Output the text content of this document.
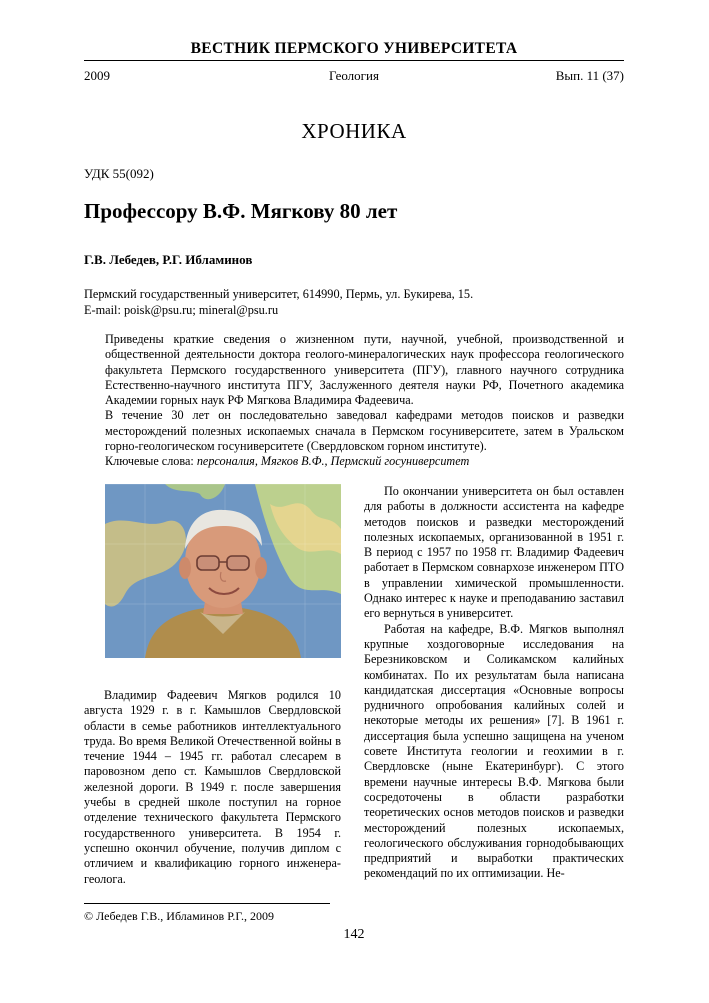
ВЕСТНИК ПЕРМСКОГО УНИВЕРСИТЕТА
2009	Геология	Вып. 11 (37)
ХРОНИКА
УДК 55(092)
Профессору В.Ф. Мягкову 80 лет
Г.В. Лебедев, Р.Г. Ибламинов
Пермский государственный университет, 614990, Пермь, ул. Букирева, 15.
E-mail: poisk@psu.ru; mineral@psu.ru

Приведены краткие сведения о жизненном пути, научной, учебной, производственной и общественной деятельности доктора геолого-минералогических наук профессора геологического факультета Пермского государственного университета (ПГУ), главного научного сотрудника Естественно-научного института ПГУ, Заслуженного деятеля науки РФ, Почетного академика Академии горных наук РФ Мягкова Владимира Фадеевича.

В течение 30 лет он последовательно заведовал кафедрами методов поисков и разведки месторождений полезных ископаемых сначала в Пермском госуниверситете, затем в Уральском горно-геологическом госуниверситете (Свердловском горном институте).

Ключевые слова: персоналия, Мягков В.Ф., Пермский госуниверситет

Владимир Фадеевич Мягков родился 10 августа 1929 г. в г. Камышлов Свердловской области в семье работников интеллектуального труда. Во время Великой Отечественной войны в течение 1944 – 1945 гг. работал слесарем в паровозном депо ст. Камышлов Свердловской железной дороги. В 1949 г. после завершения учебы в средней школе поступил на горное отделение технического факультета Пермского государственного университета. В 1954 г. успешно окончил обучение, получив диплом с отличием и квалификацию горного инженера-геолога.

По окончании университета он был оставлен для работы в должности ассистента на кафедре методов поисков и разведки месторождений полезных ископаемых, организованной в 1951 г. В период с 1957 по 1958 гг. Владимир Фадеевич работает в Пермском совнархозе инженером ПТО в управлении химической промышленности. Однако интерес к науке и преподаванию заставил его вернуться в университет.

Работая на кафедре, В.Ф. Мягков выполнял крупные хоздоговорные исследования на Березниковском и Соликамском калийных комбинатах. По их результатам была написана кандидатская диссертация «Основные вопросы рудничного опробования калийных солей и некоторые методы их решения» [7]. В 1961 г. диссертация была успешно защищена на ученом совете Института геологии и геохимии в г. Свердловске (ныне Екатеринбург). С этого времени научные интересы В.Ф. Мягкова были сосредоточены в области разработки теоретических основ методов поисков и разведки месторождений полезных ископаемых, геологического обслуживания горнодобывающих предприятий и выработки практических рекомендаций по их оптимизации. Не-

© Лебедев Г.В., Ибламинов Р.Г., 2009
142
